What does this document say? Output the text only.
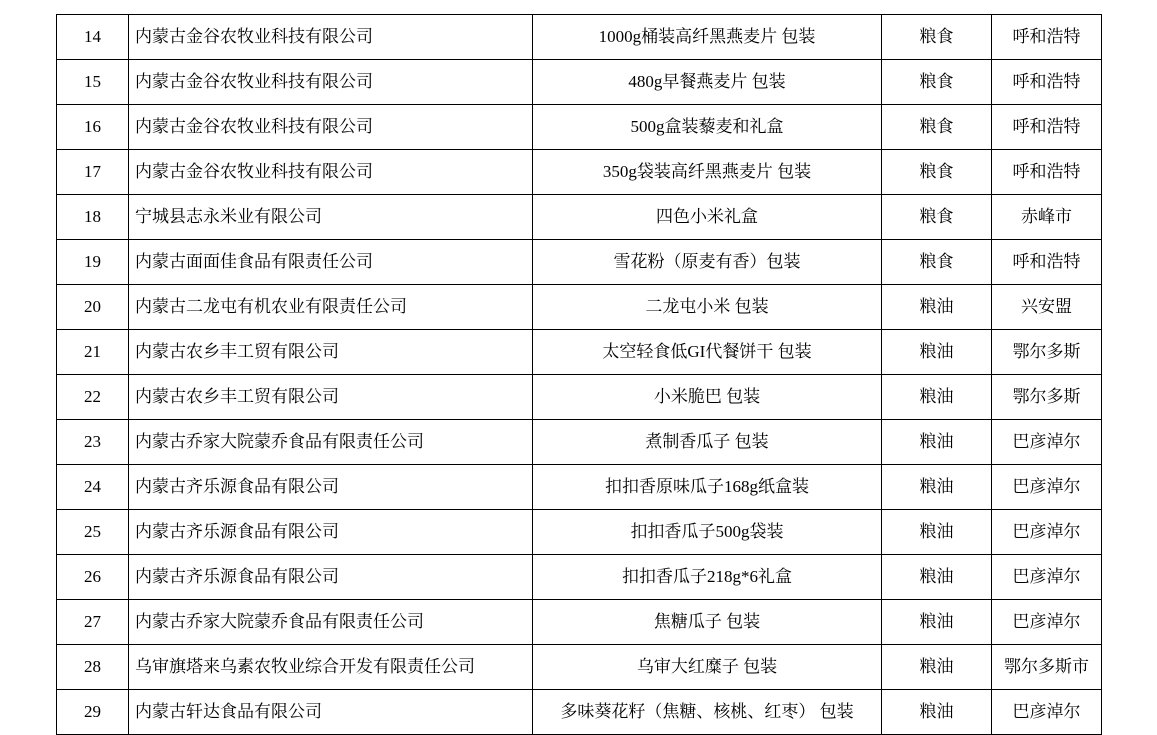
14	内蒙古金谷农牧业科技有限公司	1000g桶装高纤黑燕麦片 包装	粮食	呼和浩特
15	内蒙古金谷农牧业科技有限公司	480g早餐燕麦片 包装	粮食	呼和浩特
16	内蒙古金谷农牧业科技有限公司	500g盒装藜麦和礼盒	粮食	呼和浩特
17	内蒙古金谷农牧业科技有限公司	350g袋装高纤黑燕麦片 包装	粮食	呼和浩特
18	宁城县志永米业有限公司	四色小米礼盒	粮食	赤峰市
19	内蒙古面面佳食品有限责任公司	雪花粉（原麦有香）包装	粮食	呼和浩特
20	内蒙古二龙屯有机农业有限责任公司	二龙屯小米 包装	粮油	兴安盟
21	内蒙古农乡丰工贸有限公司	太空轻食低GI代餐饼干 包装	粮油	鄂尔多斯
22	内蒙古农乡丰工贸有限公司	小米脆巴 包装	粮油	鄂尔多斯
23	内蒙古乔家大院蒙乔食品有限责任公司	煮制香瓜子 包装	粮油	巴彦淖尔
24	内蒙古齐乐源食品有限公司	扣扣香原味瓜子168g纸盒装	粮油	巴彦淖尔
25	内蒙古齐乐源食品有限公司	扣扣香瓜子500g袋装	粮油	巴彦淖尔
26	内蒙古齐乐源食品有限公司	扣扣香瓜子218g*6礼盒	粮油	巴彦淖尔
27	内蒙古乔家大院蒙乔食品有限责任公司	焦糖瓜子 包装	粮油	巴彦淖尔
28	乌审旗塔来乌素农牧业综合开发有限责任公司	乌审大红糜子 包装	粮油	鄂尔多斯市
29	内蒙古轩达食品有限公司	多味葵花籽（焦糖、核桃、红枣） 包装	粮油	巴彦淖尔
